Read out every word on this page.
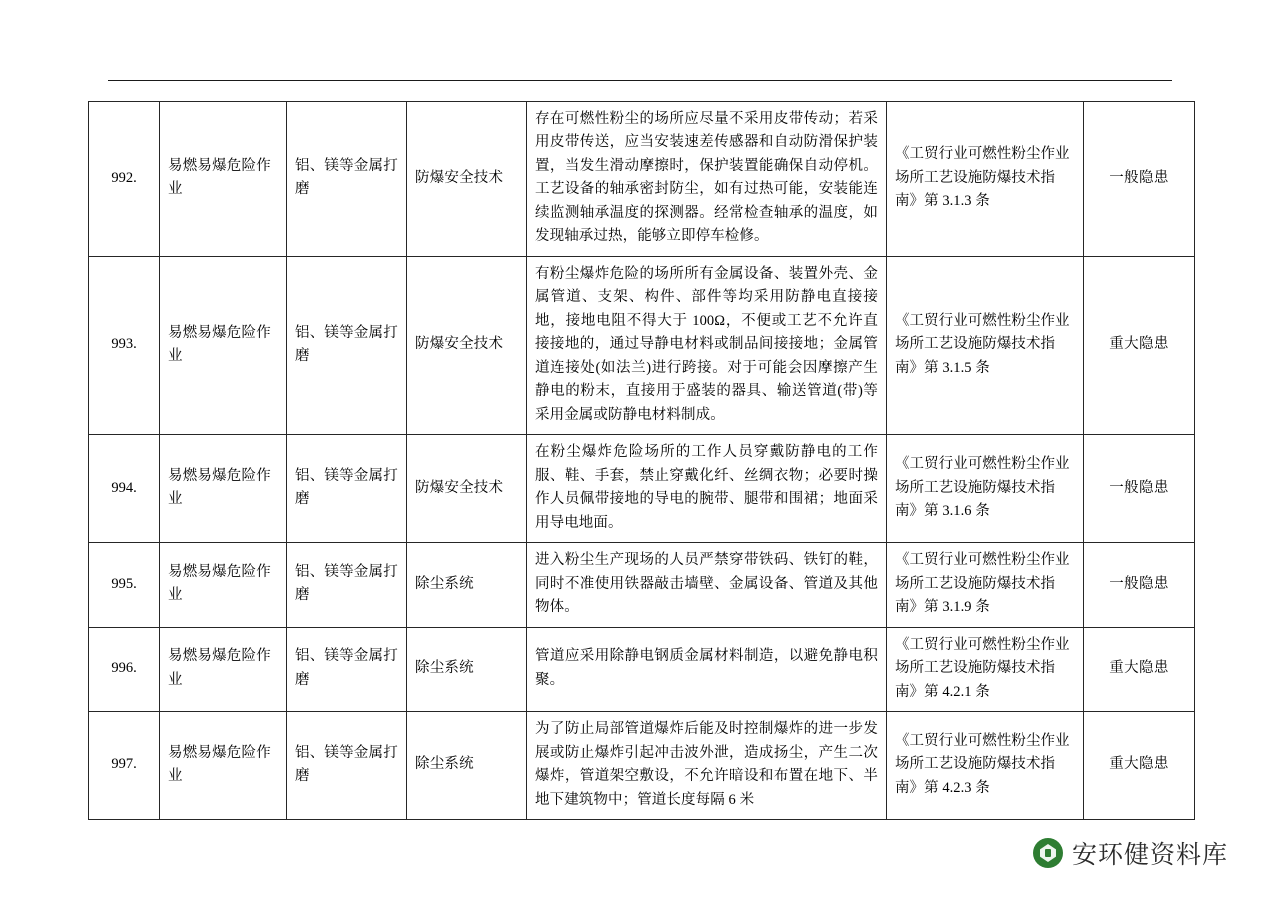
992.	易燃易爆危险作业	铝、镁等金属打磨	防爆安全技术	存在可燃性粉尘的场所应尽量不采用皮带传动；若采用皮带传送，应当安装速差传感器和自动防滑保护装置，当发生滑动摩擦时，保护装置能确保自动停机。工艺设备的轴承密封防尘，如有过热可能，安装能连续监测轴承温度的探测器。经常检查轴承的温度，如发现轴承过热，能够立即停车检修。	《工贸行业可燃性粉尘作业场所工艺设施防爆技术指南》第 3.1.3 条	一般隐患
993.	易燃易爆危险作业	铝、镁等金属打磨	防爆安全技术	有粉尘爆炸危险的场所所有金属设备、装置外壳、金属管道、支架、构件、部件等均采用防静电直接接地，接地电阻不得大于 100Ω，不便或工艺不允许直接接地的，通过导静电材料或制品间接接地；金属管道连接处(如法兰)进行跨接。对于可能会因摩擦产生静电的粉末，直接用于盛装的器具、输送管道(带)等采用金属或防静电材料制成。	《工贸行业可燃性粉尘作业场所工艺设施防爆技术指南》第 3.1.5 条	重大隐患
994.	易燃易爆危险作业	铝、镁等金属打磨	防爆安全技术	在粉尘爆炸危险场所的工作人员穿戴防静电的工作服、鞋、手套，禁止穿戴化纤、丝绸衣物；必要时操作人员佩带接地的导电的腕带、腿带和围裙；地面采用导电地面。	《工贸行业可燃性粉尘作业场所工艺设施防爆技术指南》第 3.1.6 条	一般隐患
995.	易燃易爆危险作业	铝、镁等金属打磨	除尘系统	进入粉尘生产现场的人员严禁穿带铁码、铁钉的鞋，同时不准使用铁器敲击墙壁、金属设备、管道及其他物体。	《工贸行业可燃性粉尘作业场所工艺设施防爆技术指南》第 3.1.9 条	一般隐患
996.	易燃易爆危险作业	铝、镁等金属打磨	除尘系统	管道应采用除静电钢质金属材料制造，以避免静电积聚。	《工贸行业可燃性粉尘作业场所工艺设施防爆技术指南》第 4.2.1 条	重大隐患
997.	易燃易爆危险作业	铝、镁等金属打磨	除尘系统	为了防止局部管道爆炸后能及时控制爆炸的进一步发展或防止爆炸引起冲击波外泄，造成扬尘，产生二次爆炸，管道架空敷设，不允许暗设和布置在地下、半地下建筑物中；管道长度每隔 6 米	《工贸行业可燃性粉尘作业场所工艺设施防爆技术指南》第 4.2.3 条	重大隐患
安环健资料库
